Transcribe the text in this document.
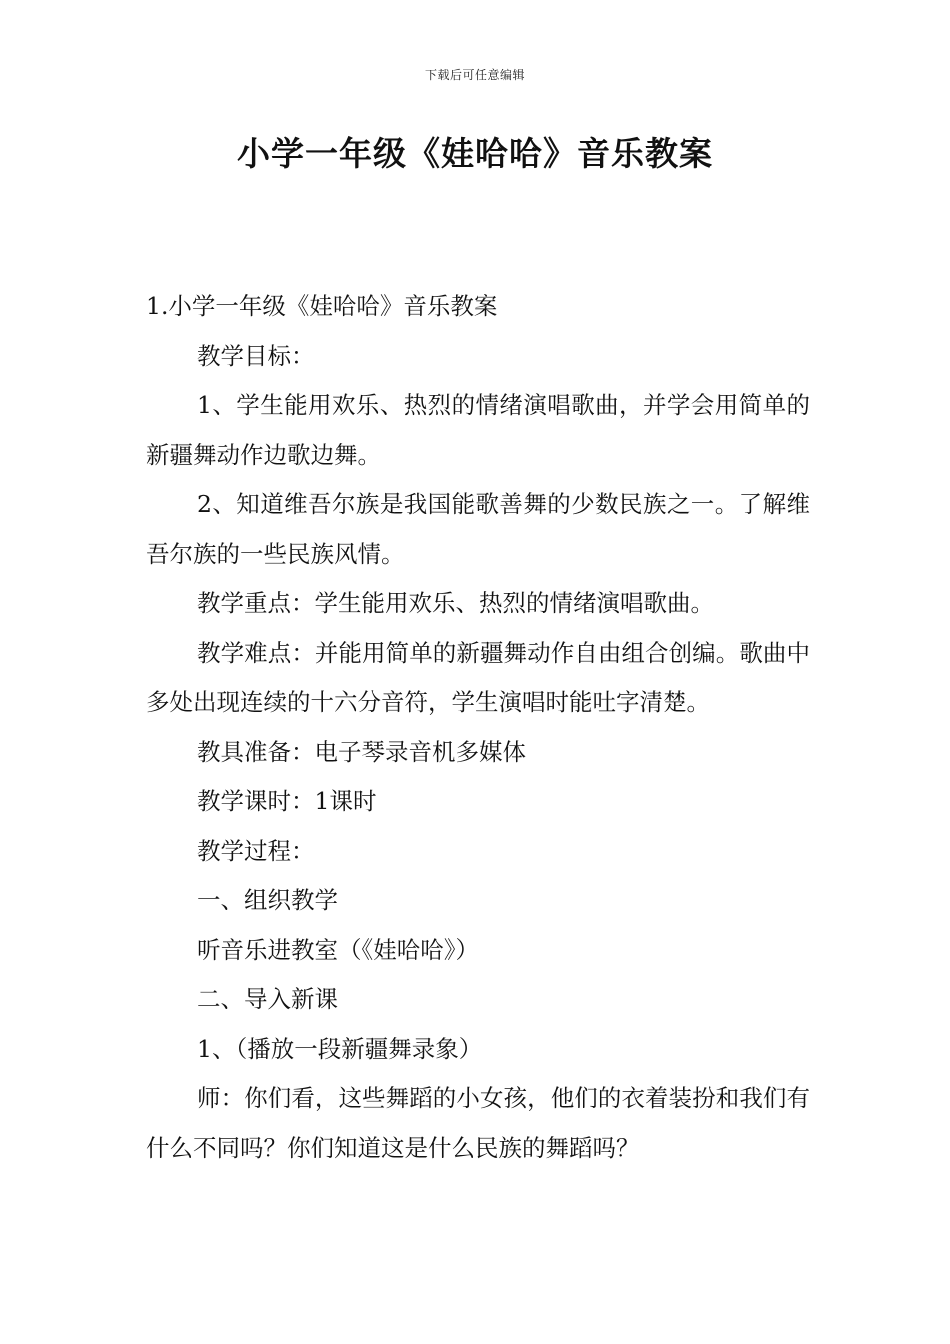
下载后可任意编辑
小学一年级《娃哈哈》音乐教案

1.小学一年级《娃哈哈》音乐教案

教学目标：

1、学生能用欢乐、热烈的情绪演唱歌曲，并学会用简单的新疆舞动作边歌边舞。

2、知道维吾尔族是我国能歌善舞的少数民族之一。了解维吾尔族的一些民族风情。

教学重点：学生能用欢乐、热烈的情绪演唱歌曲。

教学难点：并能用简单的新疆舞动作自由组合创编。歌曲中多处出现连续的十六分音符，学生演唱时能吐字清楚。

教具准备：电子琴录音机多媒体

教学课时：1课时

教学过程：

一、组织教学

听音乐进教室（《娃哈哈》）

二、导入新课

1、（播放一段新疆舞录象）

师：你们看，这些舞蹈的小女孩，他们的衣着装扮和我们有什么不同吗？你们知道这是什么民族的舞蹈吗？
